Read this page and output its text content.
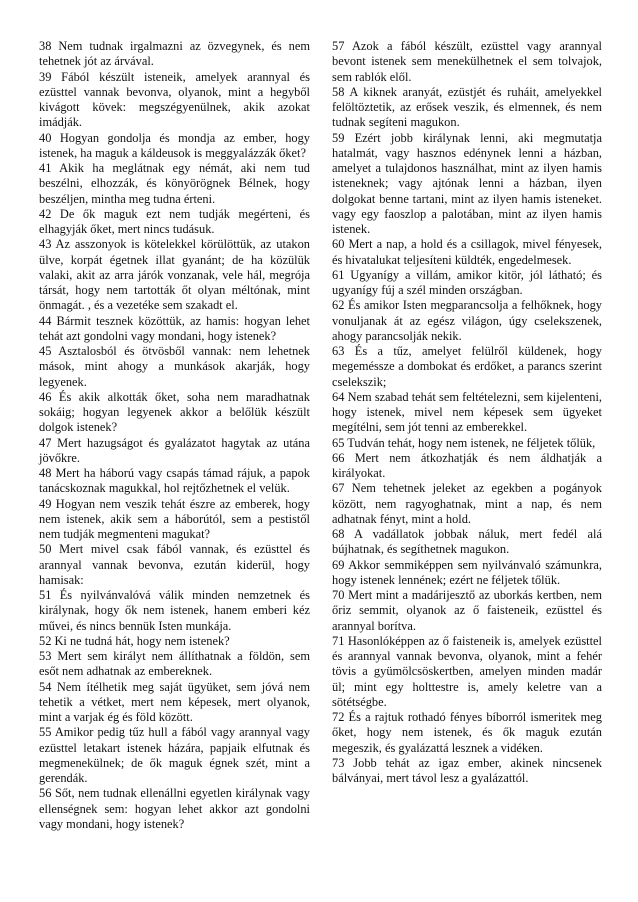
38 Nem tudnak irgalmazni az özvegynek, és nem tehetnek jót az árvával.

39 Fából készült isteneik, amelyek arannyal és ezüsttel vannak bevonva, olyanok, mint a hegyből kivágott kövek: megszégyenülnek, akik azokat imádják.

40 Hogyan gondolja és mondja az ember, hogy istenek, ha maguk a káldeusok is meggyalázzák őket?

41 Akik ha meglátnak egy némát, aki nem tud beszélni, elhozzák, és könyörögnek Bélnek, hogy beszéljen, mintha meg tudna érteni.

42 De ők maguk ezt nem tudják megérteni, és elhagyják őket, mert nincs tudásuk.

43 Az asszonyok is kötelekkel körülöttük, az utakon ülve, korpát égetnek illat gyanánt; de ha közülük valaki, akit az arra járók vonzanak, vele hál, megrója társát, hogy nem tartották őt olyan méltónak, mint önmagát. , és a vezetéke sem szakadt el.

44 Bármit tesznek közöttük, az hamis: hogyan lehet tehát azt gondolni vagy mondani, hogy istenek?

45 Asztalosból és ötvösből vannak: nem lehetnek mások, mint ahogy a munkások akarják, hogy legyenek.

46 És akik alkották őket, soha nem maradhatnak sokáig; hogyan legyenek akkor a belőlük készült dolgok istenek?

47 Mert hazugságot és gyalázatot hagytak az utána jövőkre.

48 Mert ha háború vagy csapás támad rájuk, a papok tanácskoznak magukkal, hol rejtőzhetnek el velük.

49 Hogyan nem veszik tehát észre az emberek, hogy nem istenek, akik sem a háborútól, sem a pestistől nem tudják megmenteni magukat?

50 Mert mivel csak fából vannak, és ezüsttel és arannyal vannak bevonva, ezután kiderül, hogy hamisak:

51 És nyilvánvalóvá válik minden nemzetnek és királynak, hogy ők nem istenek, hanem emberi kéz művei, és nincs bennük Isten munkája.

52 Ki ne tudná hát, hogy nem istenek?

53 Mert sem királyt nem állíthatnak a földön, sem esőt nem adhatnak az embereknek.

54 Nem ítélhetik meg saját ügyüket, sem jóvá nem tehetik a vétket, mert nem képesek, mert olyanok, mint a varjak ég és föld között.

55 Amikor pedig tűz hull a fából vagy arannyal vagy ezüsttel letakart istenek házára, papjaik elfutnak és megmenekülnek; de ők maguk égnek szét, mint a gerendák.

56 Sőt, nem tudnak ellenállni egyetlen királynak vagy ellenségnek sem: hogyan lehet akkor azt gondolni vagy mondani, hogy istenek?

57 Azok a fából készült, ezüsttel vagy arannyal bevont istenek sem menekülhetnek el sem tolvajok, sem rablók elől.

58 A kiknek aranyát, ezüstjét és ruháit, amelyekkel felöltöztetik, az erősek veszik, és elmennek, és nem tudnak segíteni magukon.

59 Ezért jobb királynak lenni, aki megmutatja hatalmát, vagy hasznos edénynek lenni a házban, amelyet a tulajdonos használhat, mint az ilyen hamis isteneknek; vagy ajtónak lenni a házban, ilyen dolgokat benne tartani, mint az ilyen hamis isteneket. vagy egy faoszlop a palotában, mint az ilyen hamis istenek.

60 Mert a nap, a hold és a csillagok, mivel fényesek, és hivatalukat teljesíteni küldték, engedelmesek.

61 Ugyanígy a villám, amikor kitör, jól látható; és ugyanígy fúj a szél minden országban.

62 És amikor Isten megparancsolja a felhőknek, hogy vonuljanak át az egész világon, úgy cselekszenek, ahogy parancsolják nekik.

63 És a tűz, amelyet felülről küldenek, hogy megeméssze a dombokat és erdőket, a parancs szerint cselekszik;

64 Nem szabad tehát sem feltételezni, sem kijelenteni, hogy istenek, mivel nem képesek sem ügyeket megítélni, sem jót tenni az emberekkel.

65 Tudván tehát, hogy nem istenek, ne féljetek tőlük,

66 Mert nem átkozhatják és nem áldhatják a királyokat.

67 Nem tehetnek jeleket az egekben a pogányok között, nem ragyoghatnak, mint a nap, és nem adhatnak fényt, mint a hold.

68 A vadállatok jobbak náluk, mert fedél alá bújhatnak, és segíthetnek magukon.

69 Akkor semmiképpen sem nyilvánvaló számunkra, hogy istenek lennének; ezért ne féljetek tőlük.

70 Mert mint a madárijesztő az uborkás kertben, nem őriz semmit, olyanok az ő faisteneik, ezüsttel és arannyal borítva.

71 Hasonlóképpen az ő faisteneik is, amelyek ezüsttel és arannyal vannak bevonva, olyanok, mint a fehér tövis a gyümölcsöskertben, amelyen minden madár ül; mint egy holttestre is, amely keletre van a sötétségbe.

72 És a rajtuk rothadó fényes bíborról ismeritek meg őket, hogy nem istenek, és ők maguk ezután megeszik, és gyalázattá lesznek a vidéken.

73 Jobb tehát az igaz ember, akinek nincsenek bálványai, mert távol lesz a gyalázattól.
